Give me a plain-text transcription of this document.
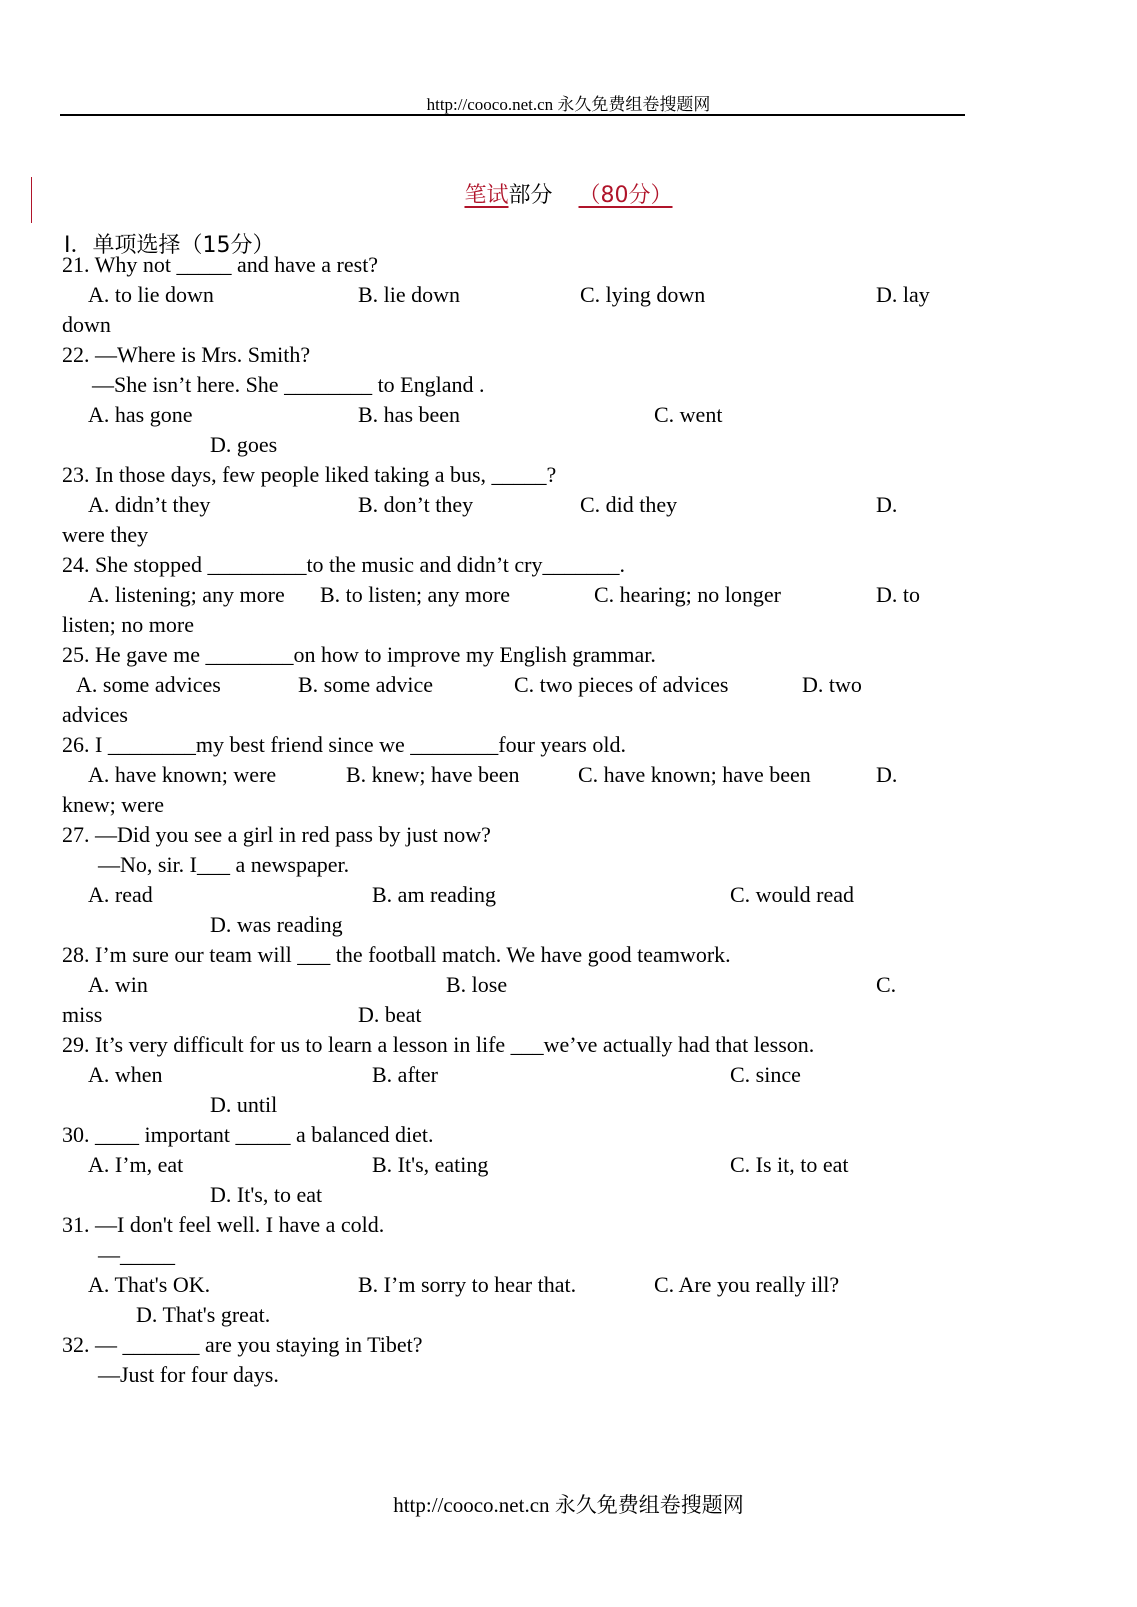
http://cooco.net.cn 永久免费组卷搜题网
笔试部分 （80分）
I．单项选择（15分）
21. Why not _____ and have a rest?
A. to lie down	B. lie down	C. lying down	D. lay
down
22. —Where is Mrs. Smith?
—She isn’t here. She ________ to England .
A. has gone	B. has been	C. went
D. goes
23. In those days, few people liked taking a bus, _____?
A. didn’t they	B. don’t they	C. did they	D.
were they
24. She stopped _________to the music and didn’t cry_______.
A. listening; any more B. to listen; any more	C. hearing; no longer	D. to
listen; no more
25. He gave me ________on how to improve my English grammar.
A. some advices	B. some advice	C. two pieces of advices	D. two
advices
26. I ________my best friend since we ________four years old.
A. have known; were	B. knew; have been	C. have known; have been	D.
knew; were
27. —Did you see a girl in red pass by just now?
—No, sir. I___ a newspaper.
A. read	B. am reading	C. would read
D. was reading
28. I’m sure our team will ___ the football match. We have good teamwork.
A. win	B. lose	C.
miss	D. beat
29. It’s very difficult for us to learn a lesson in life ___we’ve actually had that lesson.
A. when	B. after	C. since
D. until
30. ____ important _____ a balanced diet.
A. I’m, eat	B. It's, eating	C. Is it, to eat
D. It's, to eat
31. —I don't feel well. I have a cold.
—_____
A. That's OK.	B. I’m sorry to hear that.	C. Are you really ill?
D. That's great.
32. — _______ are you staying in Tibet?
—Just for four days.
http://cooco.net.cn 永久免费组卷搜题网
